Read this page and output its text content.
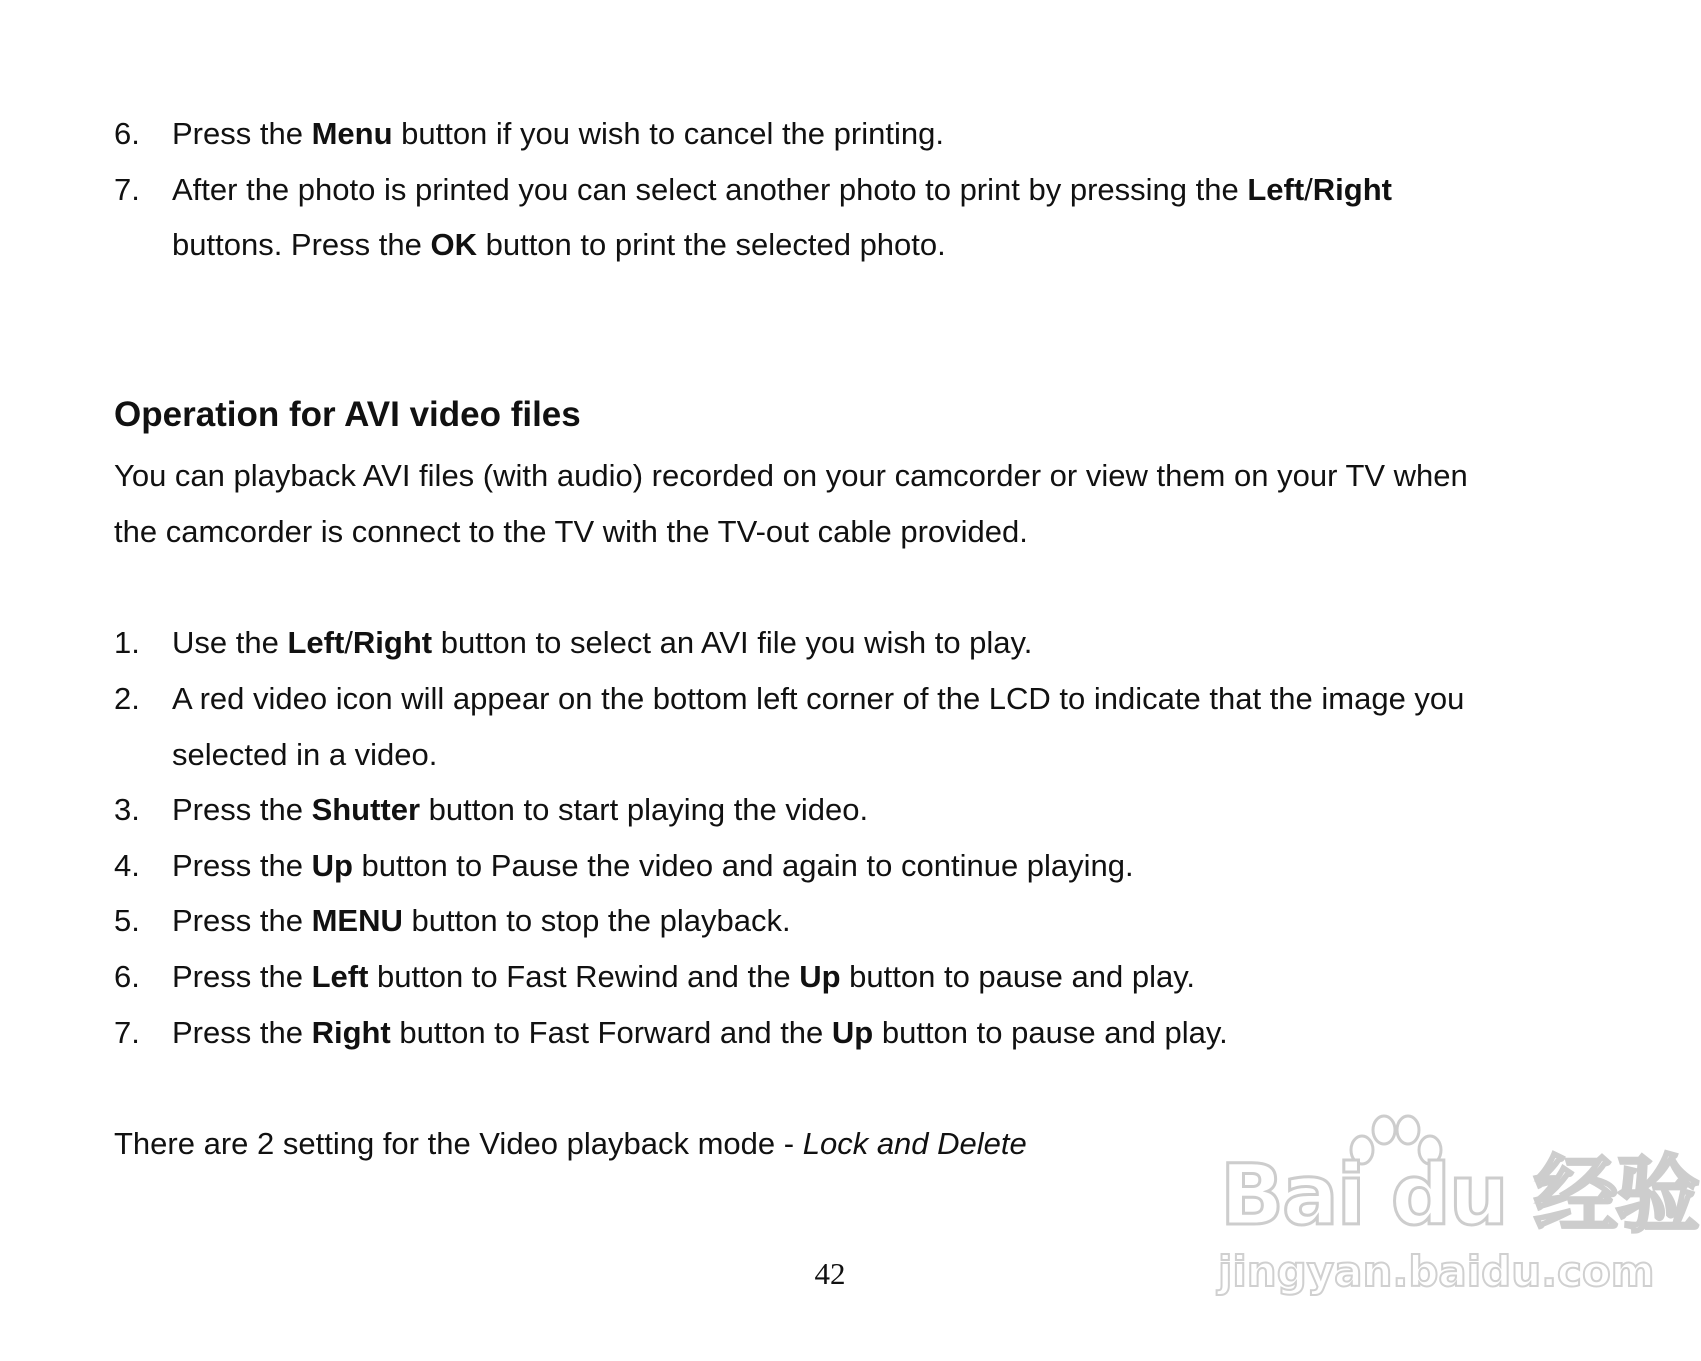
6. Press the Menu button if you wish to cancel the printing.
7. After the photo is printed you can select another photo to print by pressing the Left/Right
buttons. Press the OK button to print the selected photo.
Operation for AVI video files
You can playback AVI files (with audio) recorded on your camcorder or view them on your TV when
the camcorder is connect to the TV with the TV-out cable provided.
1. Use the Left/Right button to select an AVI file you wish to play.
2. A red video icon will appear on the bottom left corner of the LCD to indicate that the image you
selected in a video.
3. Press the Shutter button to start playing the video.
4. Press the Up button to Pause the video and again to continue playing.
5. Press the MENU button to stop the playback.
6. Press the Left button to Fast Rewind and the Up button to pause and play.
7. Press the Right button to Fast Forward and the Up button to pause and play.
There are 2 setting for the Video playback mode - Lock and Delete
42
Bai du 经验
jingyan.baidu.com
